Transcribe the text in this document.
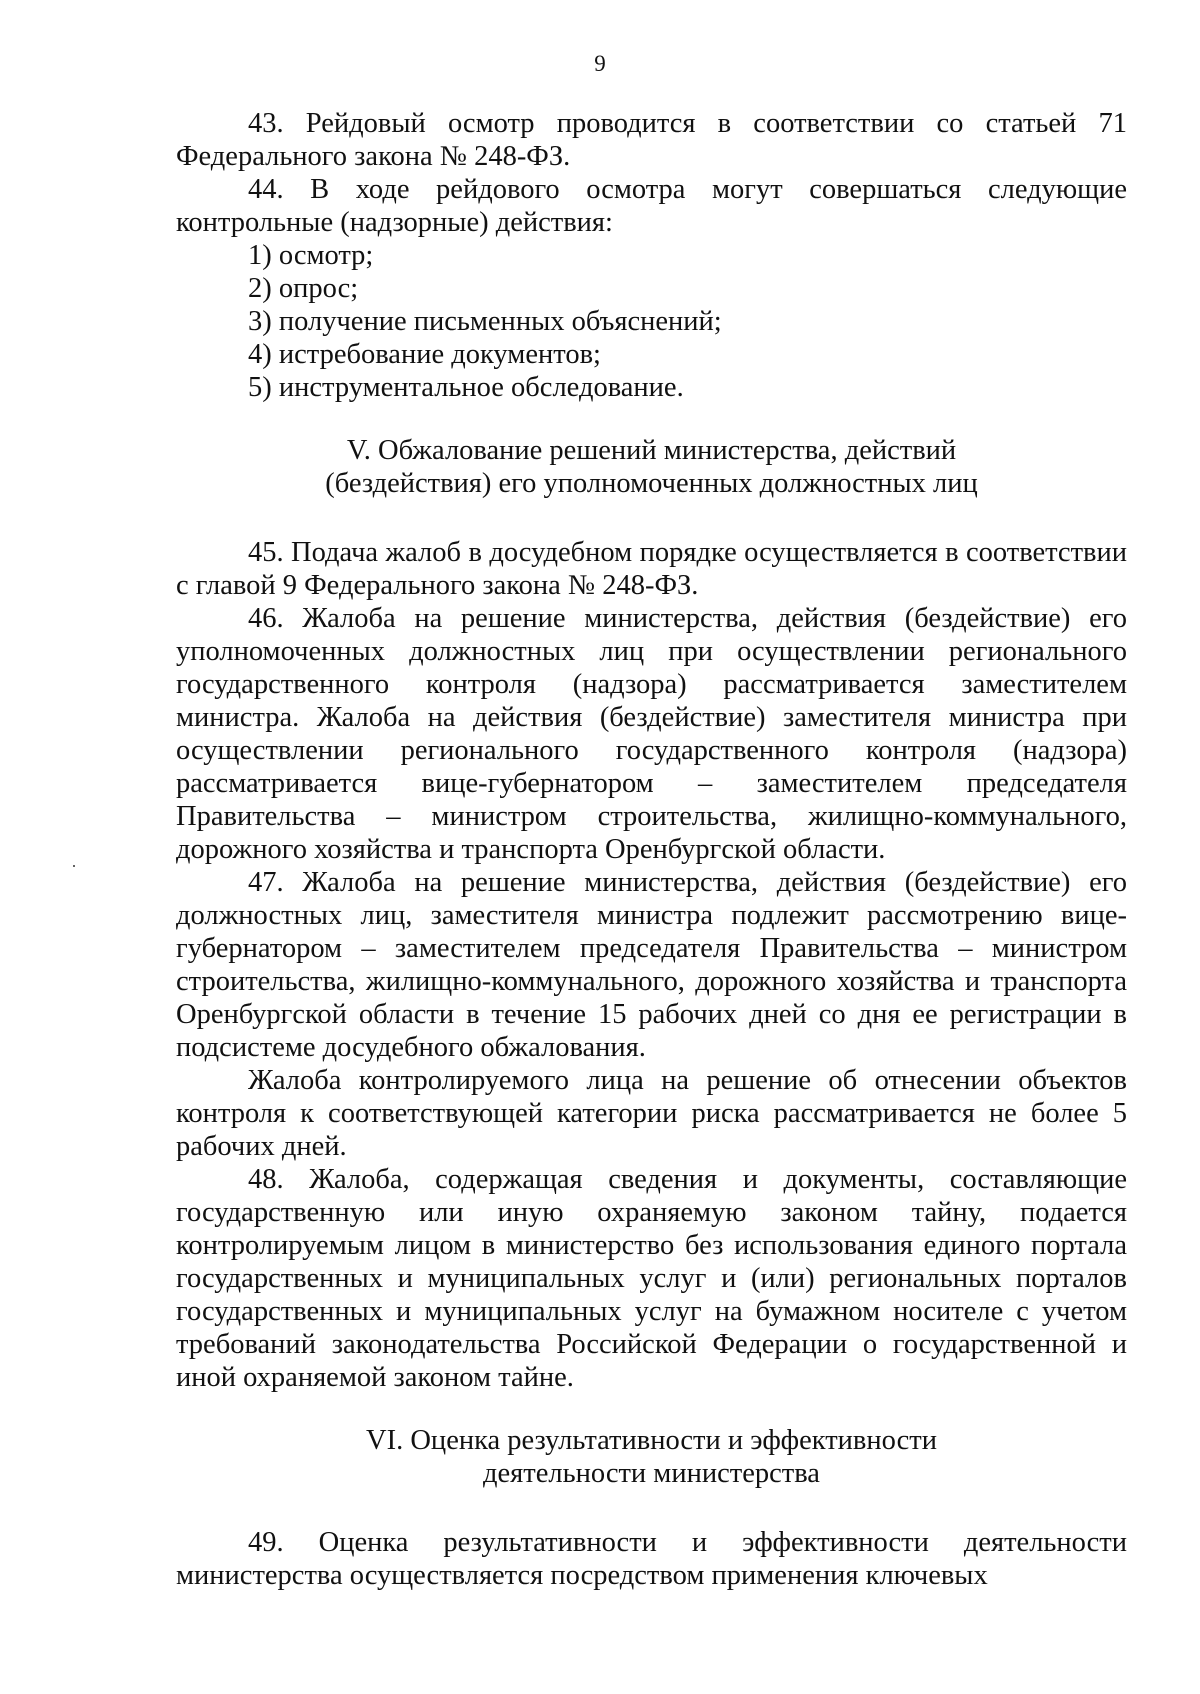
9

43. Рейдовый осмотр проводится в соответствии со статьей 71 Федерального закона № 248-ФЗ.

44. В ходе рейдового осмотра могут совершаться следующие контрольные (надзорные) действия:

1) осмотр;

2) опрос;

3) получение письменных объяснений;

4) истребование документов;

5) инструментальное обследование.

V. Обжалование решений министерства, действий

(бездействия) его уполномоченных должностных лиц

45. Подача жалоб в досудебном порядке осуществляется в соответствии с главой 9 Федерального закона № 248-ФЗ.

46. Жалоба на решение министерства, действия (бездействие) его уполномоченных должностных лиц при осуществлении регионального государственного контроля (надзора) рассматривается заместителем министра. Жалоба на действия (бездействие) заместителя министра при осуществлении регионального государственного контроля (надзора) рассматривается вице-губернатором – заместителем председателя Правительства – министром строительства, жилищно-коммунального, дорожного хозяйства и транспорта Оренбургской области.

47. Жалоба на решение министерства, действия (бездействие) его должностных лиц, заместителя министра подлежит рассмотрению вице-губернатором – заместителем председателя Правительства – министром строительства, жилищно-коммунального, дорожного хозяйства и транспорта Оренбургской области в течение 15 рабочих дней со дня ее регистрации в подсистеме досудебного обжалования.

Жалоба контролируемого лица на решение об отнесении объектов контроля к соответствующей категории риска рассматривается не более 5 рабочих дней.

48. Жалоба, содержащая сведения и документы, составляющие государственную или иную охраняемую законом тайну, подается контролируемым лицом в министерство без использования единого портала государственных и муниципальных услуг и (или) региональных порталов государственных и муниципальных услуг на бумажном носителе с учетом требований законодательства Российской Федерации о государственной и иной охраняемой законом тайне.

VI. Оценка результативности и эффективности

деятельности министерства

49. Оценка результативности и эффективности деятельности министерства осуществляется посредством применения ключевых
